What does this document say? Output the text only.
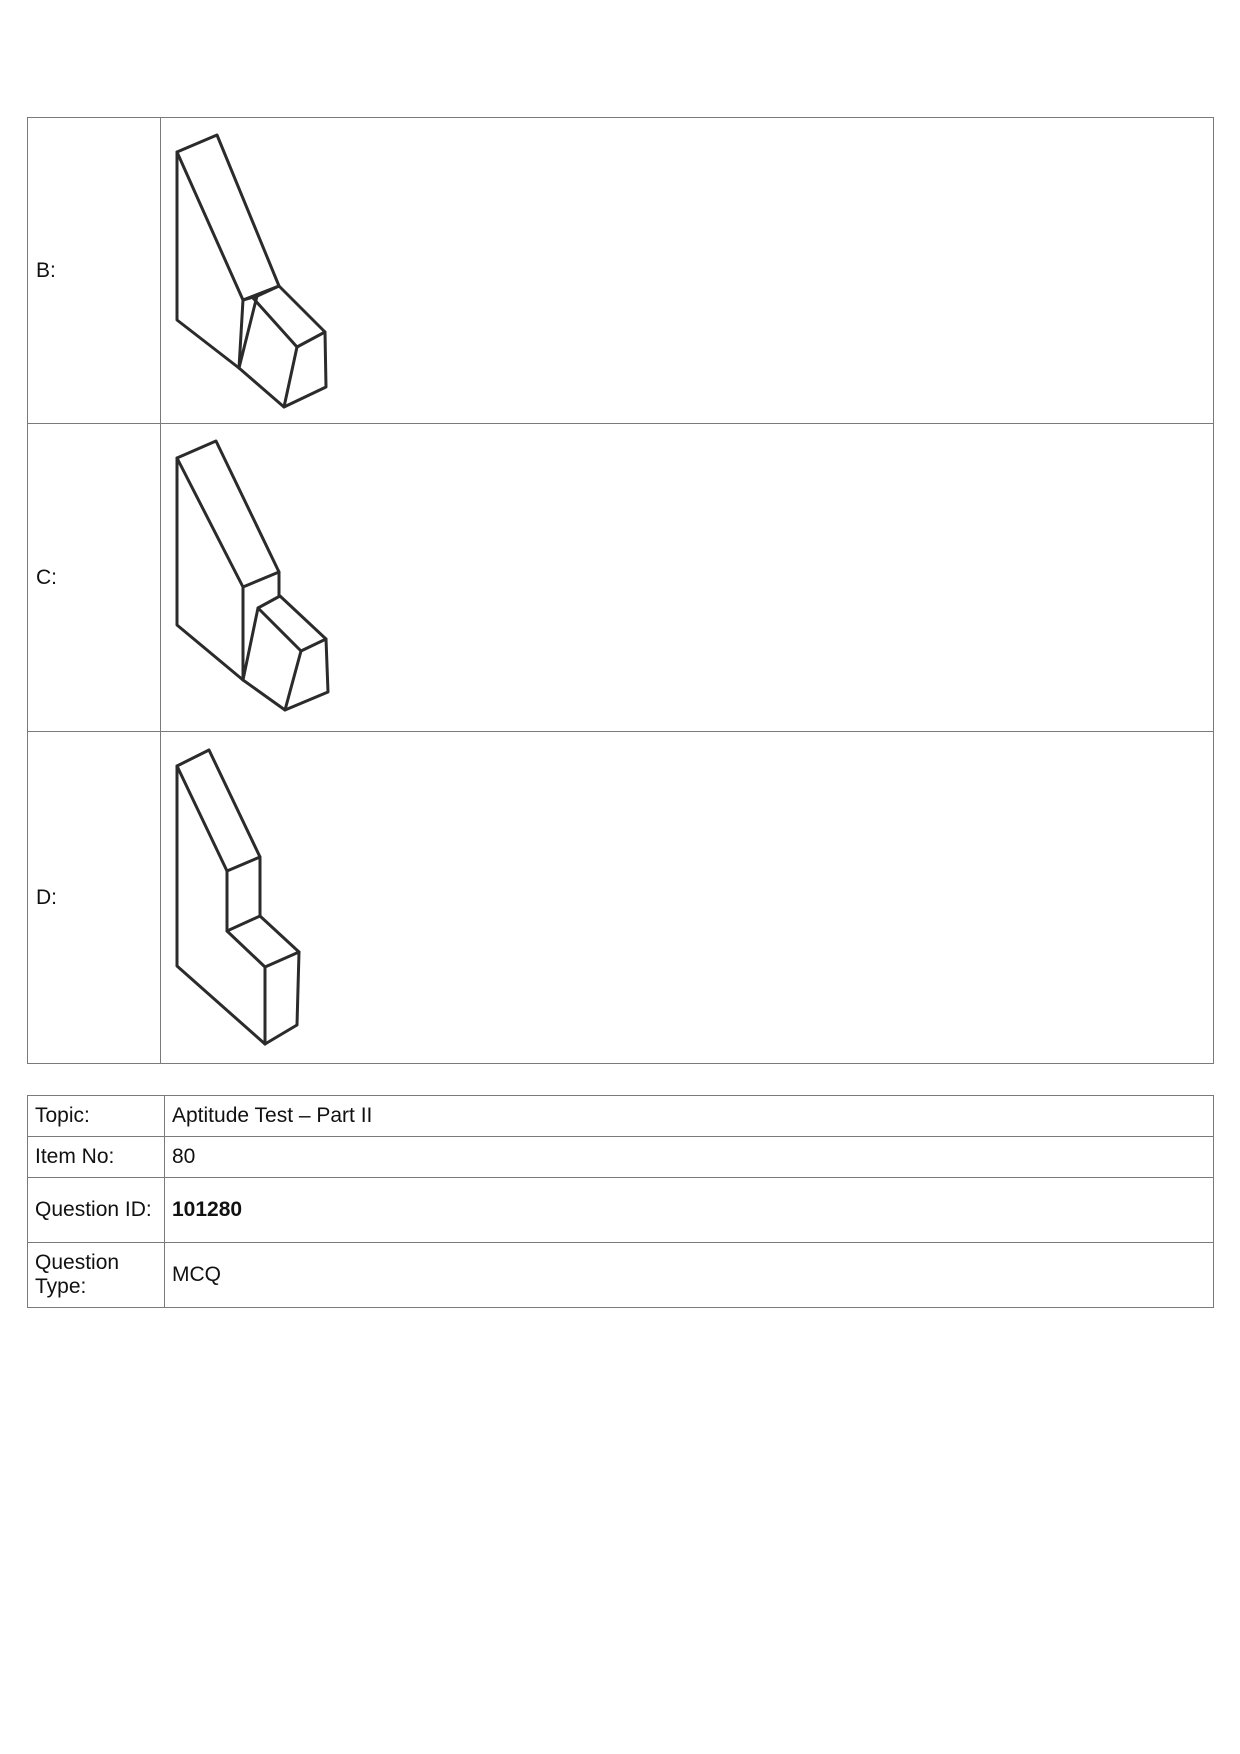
B:	

C:	

D:	
Topic:	Aptitude Test – Part II
Item No:	80
Question ID:	101280
Question Type:	MCQ
